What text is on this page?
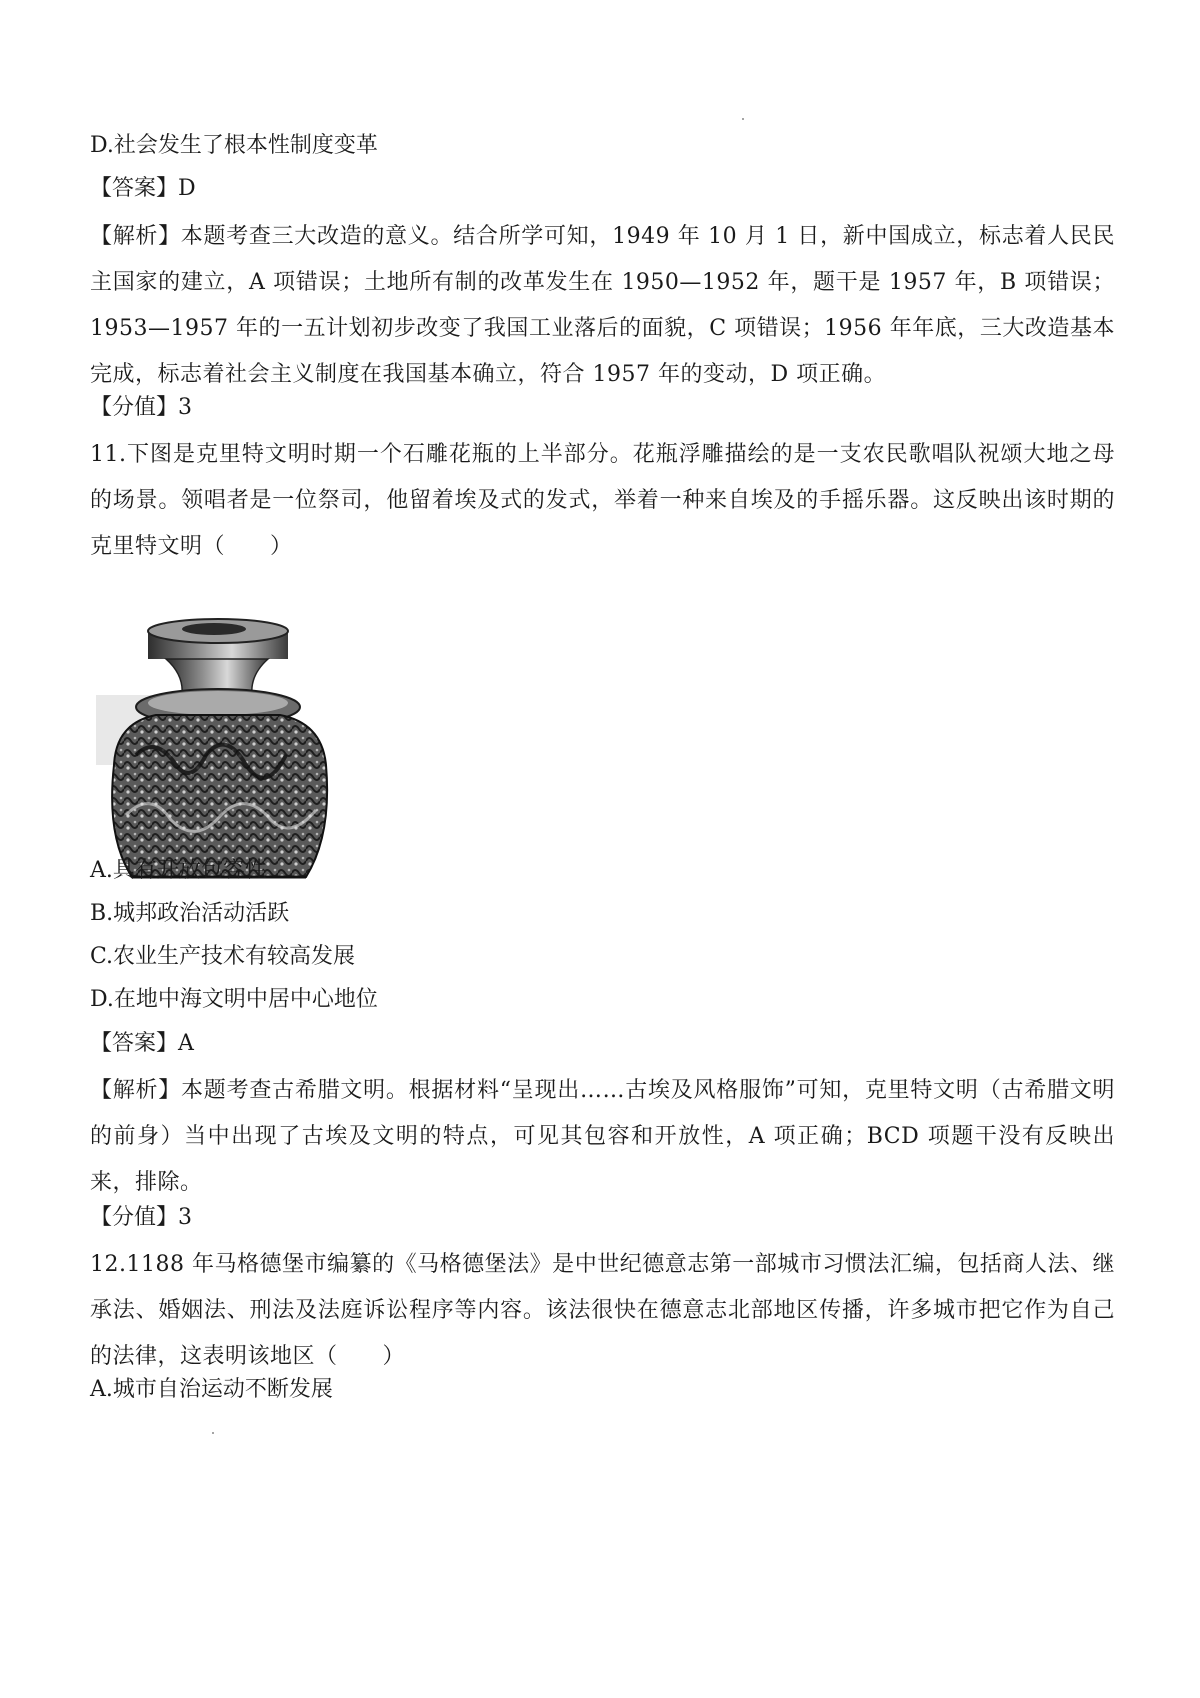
D.社会发生了根本性制度变革
【答案】D
【解析】本题考查三大改造的意义。结合所学可知，1949 年 10 月 1 日，新中国成立，标志着人民民主国家的建立，A 项错误；土地所有制的改革发生在 1950—1952 年，题干是 1957 年，B 项错误；1953—1957 年的一五计划初步改变了我国工业落后的面貌，C 项错误；1956 年年底，三大改造基本完成，标志着社会主义制度在我国基本确立，符合 1957 年的变动，D 项正确。
【分值】3
11.下图是克里特文明时期一个石雕花瓶的上半部分。花瓶浮雕描绘的是一支农民歌唱队祝颂大地之母的场景。领唱者是一位祭司，他留着埃及式的发式，举着一种来自埃及的手摇乐器。这反映出该时期的克里特文明（　　）
A.具有开放包容性
B.城邦政治活动活跃
C.农业生产技术有较高发展
D.在地中海文明中居中心地位
【答案】A
【解析】本题考查古希腊文明。根据材料“呈现出……古埃及风格服饰”可知，克里特文明（古希腊文明的前身）当中出现了古埃及文明的特点，可见其包容和开放性，A 项正确；BCD 项题干没有反映出来，排除。
【分值】3
12.1188 年马格德堡市编纂的《马格德堡法》是中世纪德意志第一部城市习惯法汇编，包括商人法、继承法、婚姻法、刑法及法庭诉讼程序等内容。该法很快在德意志北部地区传播，许多城市把它作为自己的法律，这表明该地区（　　）
A.城市自治运动不断发展
